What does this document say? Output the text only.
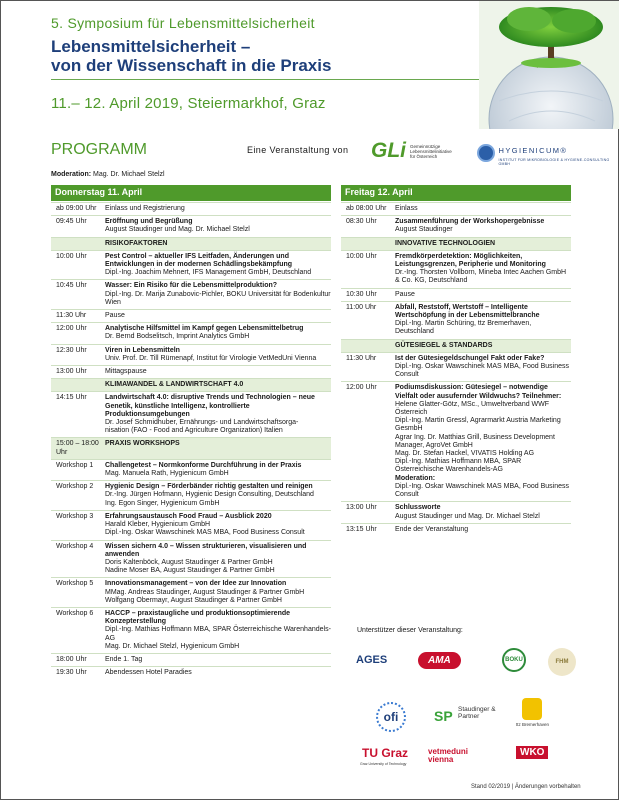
5. Symposium für Lebensmittelsicherheit
Lebensmittelsicherheit –
von der Wissenschaft in die Praxis
11.– 12. April 2019, Steiermarkhof, Graz
PROGRAMM	Eine Veranstaltung von GLi Gemeinnützige Lebensmittelinitiative für Österreich
HYGIENICUM®
INSTITUT FÜR MIKROBIOLOGIE & HYGIENE-CONSULTING GMBH
Moderation: Mag. Dr. Michael Stelzl
Donnerstag 11. April
ab 09:00 Uhr	Einlass und Registrierung
09:45 Uhr	Eröffnung und Begrüßung
August Staudinger und Mag. Dr. Michael Stelzl
RISIKOFAKTOREN
10:00 Uhr	Pest Control – aktueller IFS Leitfaden, Änderungen und Entwicklungen in der modernen Schädlingsbekämpfung
Dipl.-Ing. Joachim Mehnert, IFS Management GmbH, Deutschland
10:45 Uhr	Wasser: Ein Risiko für die Lebensmittelproduktion?
Dipl.-Ing. Dr. Marija Zunabovic-Pichler, BOKU Universität für Bodenkultur Wien
11:30 Uhr	Pause
12:00 Uhr	Analytische Hilfsmittel im Kampf gegen Lebensmittelbetrug
Dr. Bernd Bodselitsch, Imprint Analytics GmbH
12:30 Uhr	Viren in Lebensmitteln
Univ. Prof. Dr. Till Rümenapf, Institut für Virologie VetMedUni Vienna
13:00 Uhr	Mittagspause
KLIMAWANDEL & LANDWIRTSCHAFT 4.0
14:15 Uhr	Landwirtschaft 4.0: disruptive Trends und Technologien – neue Genetik, künstliche Intelligenz, kontrollierte Produktionsumgebungen
Dr. Josef Schmidhuber, Ernährungs- und Landwirtschaftsorga-
nisation (FAO - Food and Agriculture Organization) Italien
15:00 – 18:00 Uhr
PRAXIS WORKSHOPS
Workshop 1	Challengetest – Normkonforme Durchführung in der Praxis
Mag. Manuela Rath, Hygienicum GmbH
Workshop 2	Hygienic Design – Förderbänder richtig gestalten und reinigen
Dr.-Ing. Jürgen Hofmann, Hygienic Design Consulting, Deutschland
Ing. Egon Singer, Hygienicum GmbH
Workshop 3	Erfahrungsaustausch Food Fraud – Ausblick 2020
Harald Kleber, Hygienicum GmbH
Dipl.-Ing. Oskar Wawschinek MAS MBA, Food Business Consult
Workshop 4	Wissen sichern 4.0 – Wissen strukturieren, visualisieren und anwenden
Doris Kaltenböck, August Staudinger & Partner GmbH
Nadine Moser BA, August Staudinger & Partner GmbH
Workshop 5	Innovationsmanagement – von der Idee zur Innovation
MMag. Andreas Staudinger, August Staudinger & Partner GmbH
Wolfgang Obermayr, August Staudinger & Partner GmbH
Workshop 6	HACCP – praxistaugliche und produktionsoptimierende Konzepterstellung
Dipl.-Ing. Mathias Hoffmann MBA, SPAR Österreichische Warenhandels-AG
Mag. Dr. Michael Stelzl, Hygienicum GmbH
18:00 Uhr	Ende 1. Tag
19:30 Uhr	Abendessen Hotel Paradies
Freitag 12. April
ab 08:00 Uhr	Einlass
08:30 Uhr	Zusammenführung der Workshopergebnisse
August Staudinger
INNOVATIVE TECHNOLOGIEN
10:00 Uhr	Fremdkörperdetektion: Möglichkeiten, Leistungsgrenzen, Peripherie und Monitoring
Dr.-Ing. Thorsten Vollborn, Mineba Intec Aachen GmbH & Co. KG, Deutschland
10:30 Uhr	Pause
11:00 Uhr	Abfall, Reststoff, Wertstoff – Intelligente Wertschöpfung in der Lebensmittelbranche
Dipl.-Ing. Martin Schüring, ttz Bremerhaven, Deutschland
GÜTESIEGEL & STANDARDS
11:30 Uhr	Ist der Gütesiegeldschungel Fakt oder Fake?
Dipl.-Ing. Oskar Wawschinek MAS MBA, Food Business Consult
12:00 Uhr	Podiumsdiskussion: Gütesiegel – notwendige Vielfalt oder ausufernder Wildwuchs? Teilnehmer:
Helene Glatter-Götz, MSc., Umweltverband WWF Österreich
Dipl.-Ing. Martin Gressl, Agrarmarkt Austria Marketing GesmbH
Agrar Ing. Dr. Matthias Grill, Business Development Manager, AgroVet GmbH
Mag. Dr. Stefan Hackel, VIVATIS Holding AG
Dipl.-Ing. Mathias Hoffmann MBA, SPAR Österreichische Warenhandels-AG
Moderation:
Dipl.-Ing. Oskar Wawschinek MAS MBA, Food Business Consult
13:00 Uhr	Schlussworte
August Staudinger und Mag. Dr. Michael Stelzl
13:15 Uhr	Ende der Veranstaltung
Unterstützer dieser Veranstaltung:
AGES	AMA	BOKU	FHM
ofi	SP Staudinger & Partner
ttz Bremerhaven
TU Graz
Graz University of Technology
vetmeduni vienna
WKO
Stand 02/2019 | Änderungen vorbehalten
